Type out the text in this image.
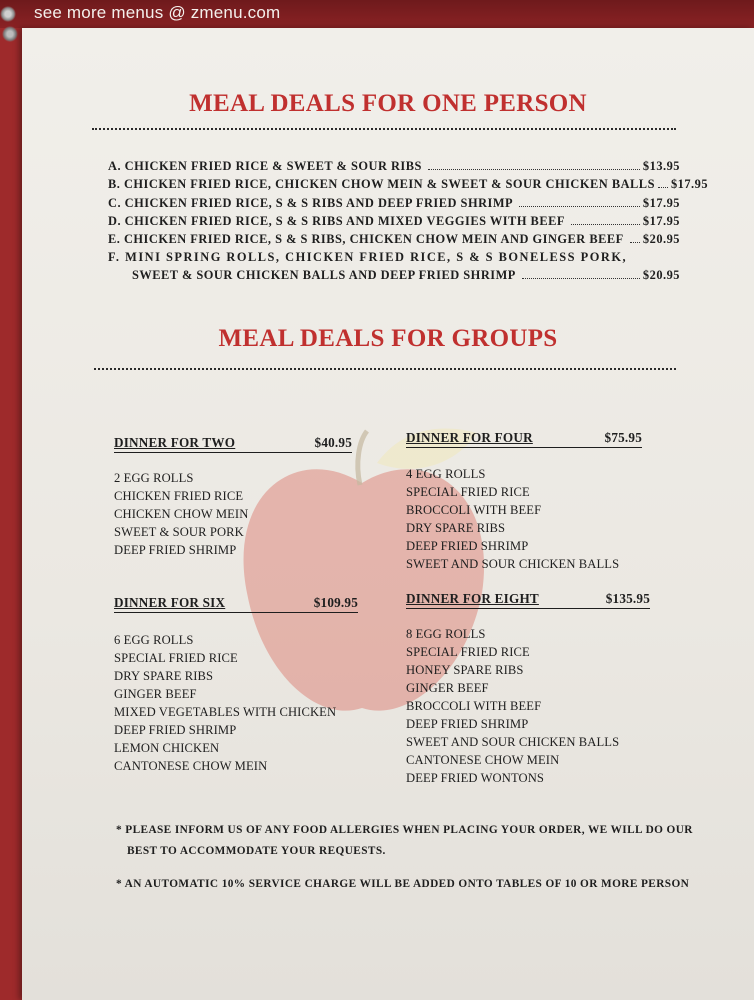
see more menus @ zmenu.com
MEAL DEALS FOR ONE PERSON
A. CHICKEN FRIED RICE & SWEET & SOUR RIBS	$13.95
B. CHICKEN FRIED RICE, CHICKEN CHOW MEIN & SWEET & SOUR CHICKEN BALLS $17.95
C. CHICKEN FRIED RICE, S & S RIBS AND DEEP FRIED SHRIMP	$17.95
D. CHICKEN FRIED RICE, S & S RIBS AND MIXED VEGGIES WITH BEEF	$17.95
E. CHICKEN FRIED RICE, S & S RIBS, CHICKEN CHOW MEIN AND GINGER BEEF $20.95
F. MINI SPRING ROLLS, CHICKEN FRIED RICE, S & S BONELESS PORK,
SWEET & SOUR CHICKEN BALLS AND DEEP FRIED SHRIMP	$20.95
MEAL DEALS FOR GROUPS
DINNER FOR TWO	$40.95
2 EGG ROLLS
CHICKEN FRIED RICE
CHICKEN CHOW MEIN
SWEET & SOUR PORK
DEEP FRIED SHRIMP
DINNER FOR FOUR	$75.95
4 EGG ROLLS
SPECIAL FRIED RICE
BROCCOLI WITH BEEF
DRY SPARE RIBS
DEEP FRIED SHRIMP
SWEET AND SOUR CHICKEN BALLS
DINNER FOR SIX	$109.95
6 EGG ROLLS
SPECIAL FRIED RICE
DRY SPARE RIBS
GINGER BEEF
MIXED VEGETABLES WITH CHICKEN
DEEP FRIED SHRIMP
LEMON CHICKEN
CANTONESE CHOW MEIN
DINNER FOR EIGHT	$135.95
8 EGG ROLLS
SPECIAL FRIED RICE
HONEY SPARE RIBS
GINGER BEEF
BROCCOLI WITH BEEF
DEEP FRIED SHRIMP
SWEET AND SOUR CHICKEN BALLS
CANTONESE CHOW MEIN
DEEP FRIED WONTONS
* PLEASE INFORM US OF ANY FOOD ALLERGIES WHEN PLACING YOUR ORDER, WE WILL DO OUR
BEST TO ACCOMMODATE YOUR REQUESTS.
* AN AUTOMATIC 10% SERVICE CHARGE WILL BE ADDED ONTO TABLES OF 10 OR MORE PERSON
